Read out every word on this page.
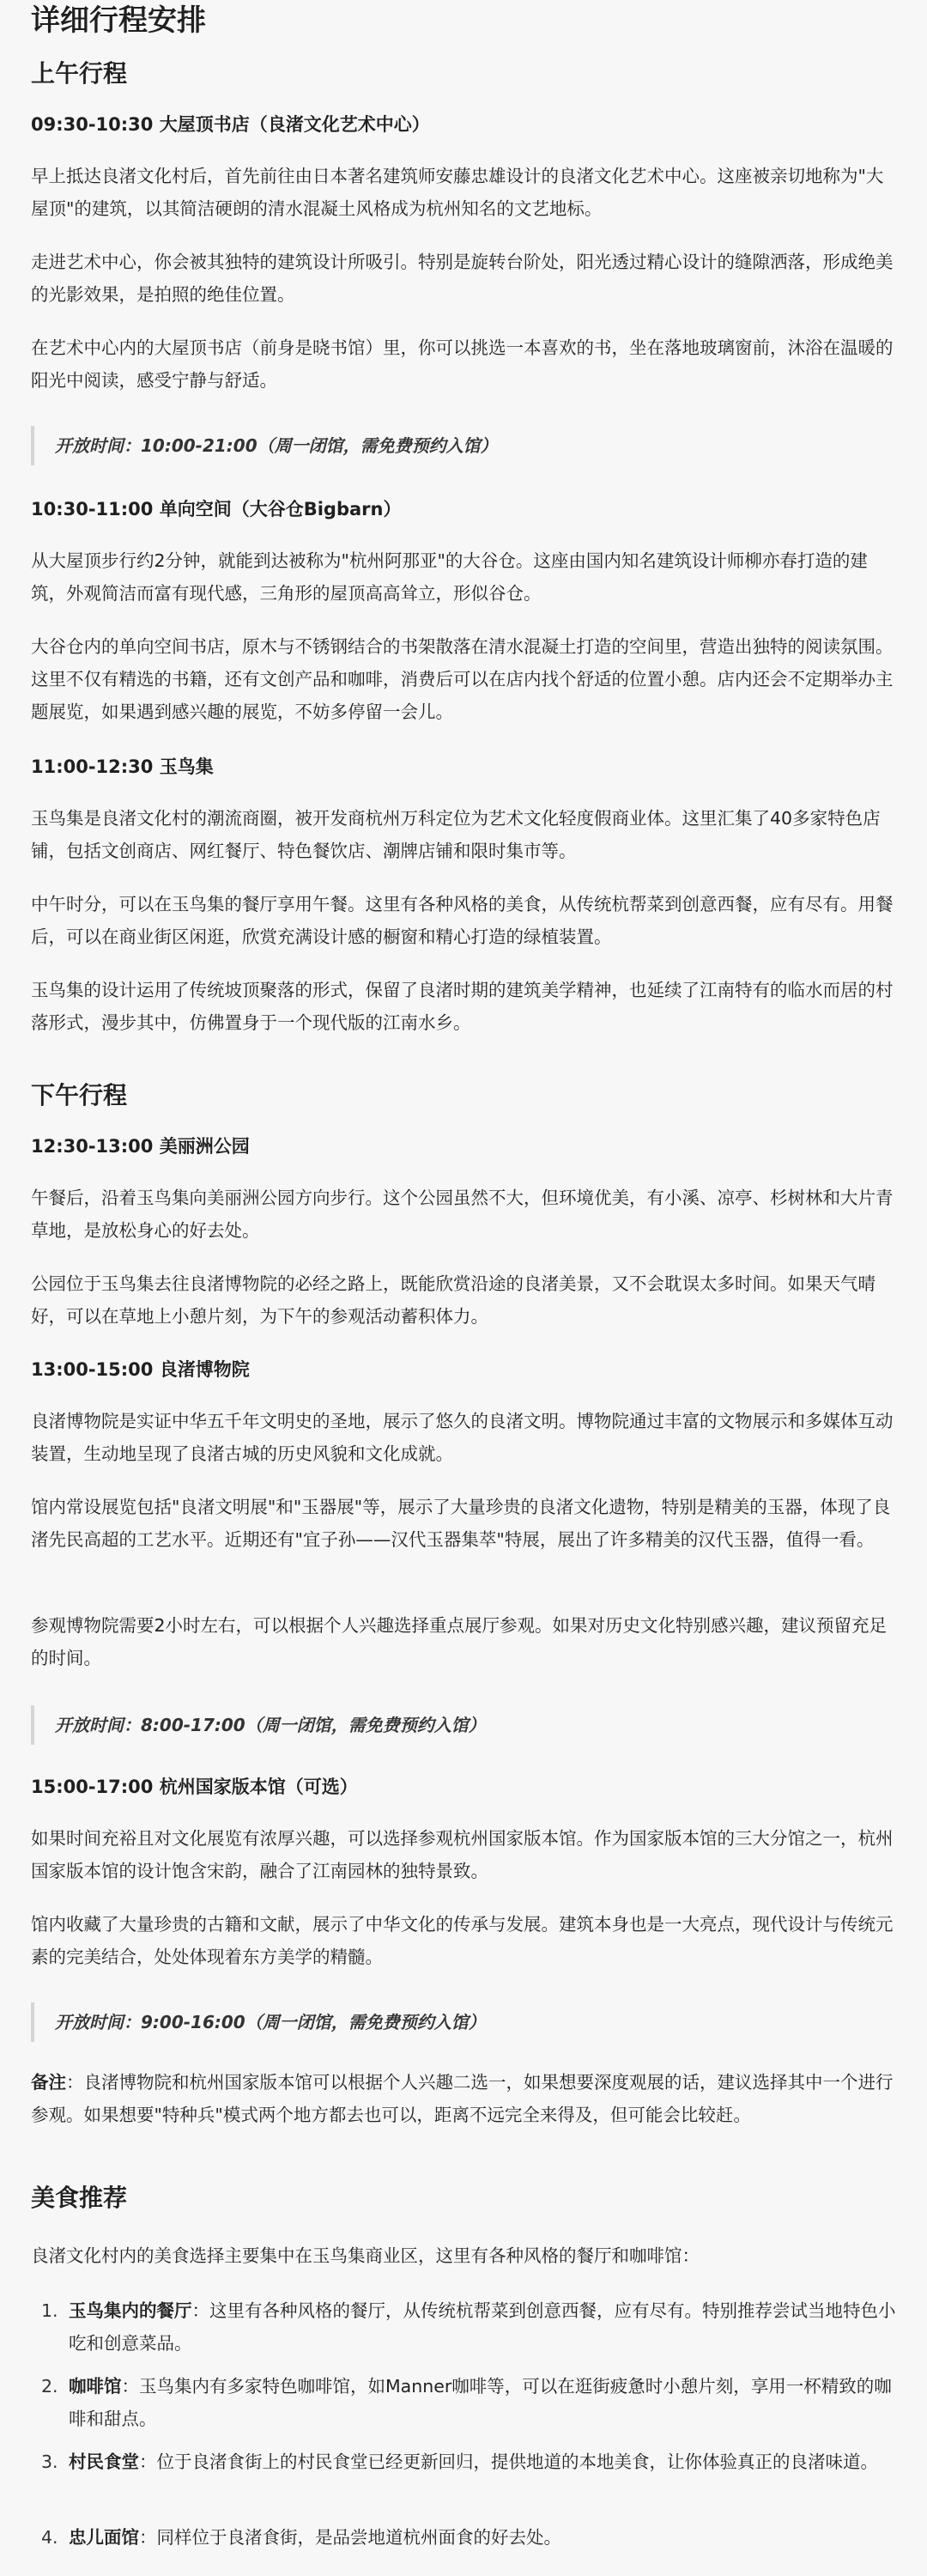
详细行程安排
上午行程
09:30-10:30 大屋顶书店（良渚文化艺术中心）

早上抵达良渚文化村后，首先前往由日本著名建筑师安藤忠雄设计的良渚文化艺术中心。这座被亲切地称为"大屋顶"的建筑，以其简洁硬朗的清水混凝土风格成为杭州知名的文艺地标。

走进艺术中心，你会被其独特的建筑设计所吸引。特别是旋转台阶处，阳光透过精心设计的缝隙洒落，形成绝美的光影效果，是拍照的绝佳位置。

在艺术中心内的大屋顶书店（前身是晓书馆）里，你可以挑选一本喜欢的书，坐在落地玻璃窗前，沐浴在温暖的阳光中阅读，感受宁静与舒适。

开放时间：10:00-21:00（周一闭馆，需免费预约入馆）
10:30-11:00 单向空间（大谷仓Bigbarn）

从大屋顶步行约2分钟，就能到达被称为"杭州阿那亚"的大谷仓。这座由国内知名建筑设计师柳亦春打造的建筑，外观简洁而富有现代感，三角形的屋顶高高耸立，形似谷仓。

大谷仓内的单向空间书店，原木与不锈钢结合的书架散落在清水混凝土打造的空间里，营造出独特的阅读氛围。这里不仅有精选的书籍，还有文创产品和咖啡，消费后可以在店内找个舒适的位置小憩。店内还会不定期举办主题展览，如果遇到感兴趣的展览，不妨多停留一会儿。

11:00-12:30 玉鸟集

玉鸟集是良渚文化村的潮流商圈，被开发商杭州万科定位为艺术文化轻度假商业体。这里汇集了40多家特色店铺，包括文创商店、网红餐厅、特色餐饮店、潮牌店铺和限时集市等。

中午时分，可以在玉鸟集的餐厅享用午餐。这里有各种风格的美食，从传统杭帮菜到创意西餐，应有尽有。用餐后，可以在商业街区闲逛，欣赏充满设计感的橱窗和精心打造的绿植装置。

玉鸟集的设计运用了传统坡顶聚落的形式，保留了良渚时期的建筑美学精神，也延续了江南特有的临水而居的村落形式，漫步其中，仿佛置身于一个现代版的江南水乡。

下午行程
12:30-13:00 美丽洲公园

午餐后，沿着玉鸟集向美丽洲公园方向步行。这个公园虽然不大，但环境优美，有小溪、凉亭、杉树林和大片青草地，是放松身心的好去处。

公园位于玉鸟集去往良渚博物院的必经之路上，既能欣赏沿途的良渚美景，又不会耽误太多时间。如果天气晴好，可以在草地上小憩片刻，为下午的参观活动蓄积体力。

13:00-15:00 良渚博物院

良渚博物院是实证中华五千年文明史的圣地，展示了悠久的良渚文明。博物院通过丰富的文物展示和多媒体互动装置，生动地呈现了良渚古城的历史风貌和文化成就。

馆内常设展览包括"良渚文明展"和"玉器展"等，展示了大量珍贵的良渚文化遗物，特别是精美的玉器，体现了良渚先民高超的工艺水平。近期还有"宜子孙——汉代玉器集萃"特展，展出了许多精美的汉代玉器，值得一看。

参观博物院需要2小时左右，可以根据个人兴趣选择重点展厅参观。如果对历史文化特别感兴趣，建议预留充足的时间。

开放时间：8:00-17:00（周一闭馆，需免费预约入馆）
15:00-17:00 杭州国家版本馆（可选）

如果时间充裕且对文化展览有浓厚兴趣，可以选择参观杭州国家版本馆。作为国家版本馆的三大分馆之一，杭州国家版本馆的设计饱含宋韵，融合了江南园林的独特景致。

馆内收藏了大量珍贵的古籍和文献，展示了中华文化的传承与发展。建筑本身也是一大亮点，现代设计与传统元素的完美结合，处处体现着东方美学的精髓。

开放时间：9:00-16:00（周一闭馆，需免费预约入馆）

备注：良渚博物院和杭州国家版本馆可以根据个人兴趣二选一，如果想要深度观展的话，建议选择其中一个进行参观。如果想要"特种兵"模式两个地方都去也可以，距离不远完全来得及，但可能会比较赶。

美食推荐

良渚文化村内的美食选择主要集中在玉鸟集商业区，这里有各种风格的餐厅和咖啡馆：

1. 玉鸟集内的餐厅：这里有各种风格的餐厅，从传统杭帮菜到创意西餐，应有尽有。特别推荐尝试当地特色小吃和创意菜品。
2. 咖啡馆：玉鸟集内有多家特色咖啡馆，如Manner咖啡等，可以在逛街疲惫时小憩片刻，享用一杯精致的咖啡和甜点。
3. 村民食堂：位于良渚食街上的村民食堂已经更新回归，提供地道的本地美食，让你体验真正的良渚味道。
4. 忠儿面馆：同样位于良渚食街，是品尝地道杭州面食的好去处。
